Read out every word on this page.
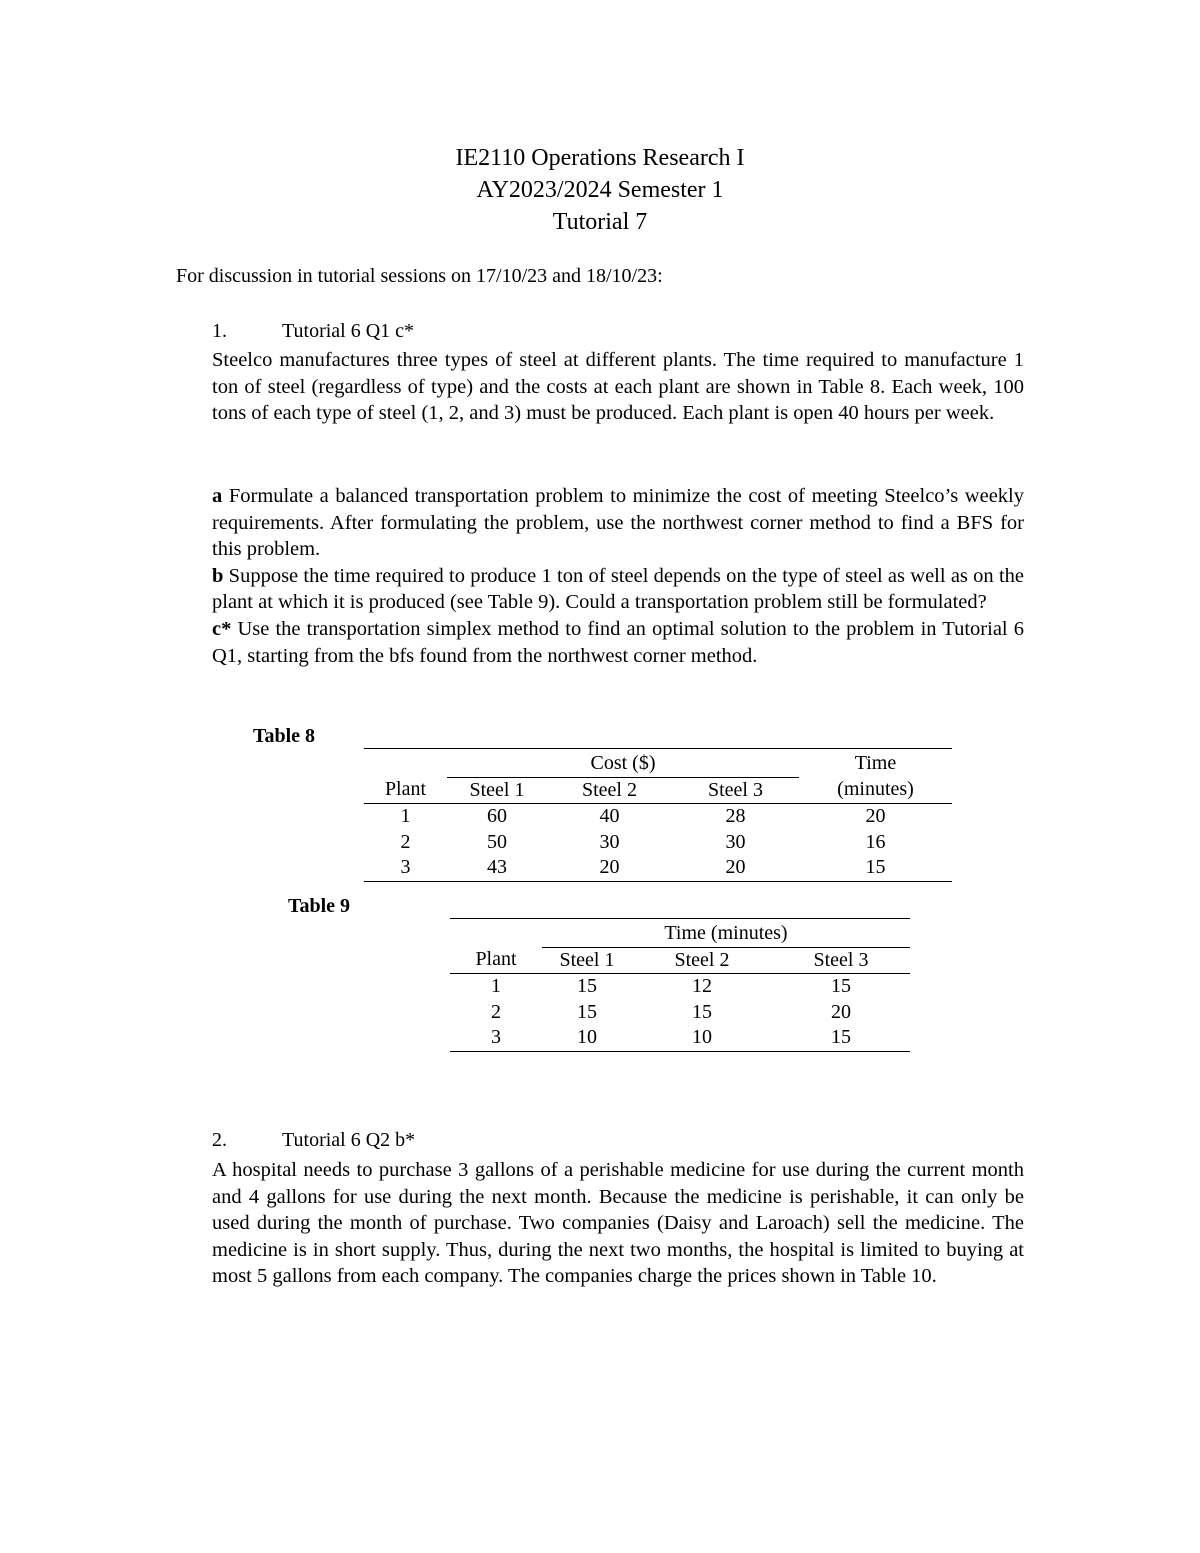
IE2110 Operations Research I
AY2023/2024 Semester 1
Tutorial 7
For discussion in tutorial sessions on 17/10/23 and 18/10/23:
1.	Tutorial 6 Q1 c*

Steelco manufactures three types of steel at different plants. The time required to manufacture 1 ton of steel (regardless of type) and the costs at each plant are shown in Table 8. Each week, 100 tons of each type of steel (1, 2, and 3) must be produced. Each plant is open 40 hours per week.

a Formulate a balanced transportation problem to minimize the cost of meeting Steelco’s weekly requirements. After formulating the problem, use the northwest corner method to find a BFS for this problem.

b Suppose the time required to produce 1 ton of steel depends on the type of steel as well as on the plant at which it is produced (see Table 9). Could a transportation problem still be formulated?

c* Use the transportation simplex method to find an optimal solution to the problem in Tutorial 6 Q1, starting from the bfs found from the northwest corner method.

Table 8
	Cost ($)			Time
Plant	Steel 1	Steel 2	Steel 3	(minutes)
1	60	40	28	20
2	50	30	30	16
3	43	20	20	15
Table 9
	Time (minutes)		
Plant	Steel 1	Steel 2	Steel 3
1	15	12	15
2	15	15	20
3	10	10	15
2.	Tutorial 6 Q2 b*

A hospital needs to purchase 3 gallons of a perishable medicine for use during the current month and 4 gallons for use during the next month. Because the medicine is perishable, it can only be used during the month of purchase. Two companies (Daisy and Laroach) sell the medicine. The medicine is in short supply. Thus, during the next two months, the hospital is limited to buying at most 5 gallons from each company. The companies charge the prices shown in Table 10.
